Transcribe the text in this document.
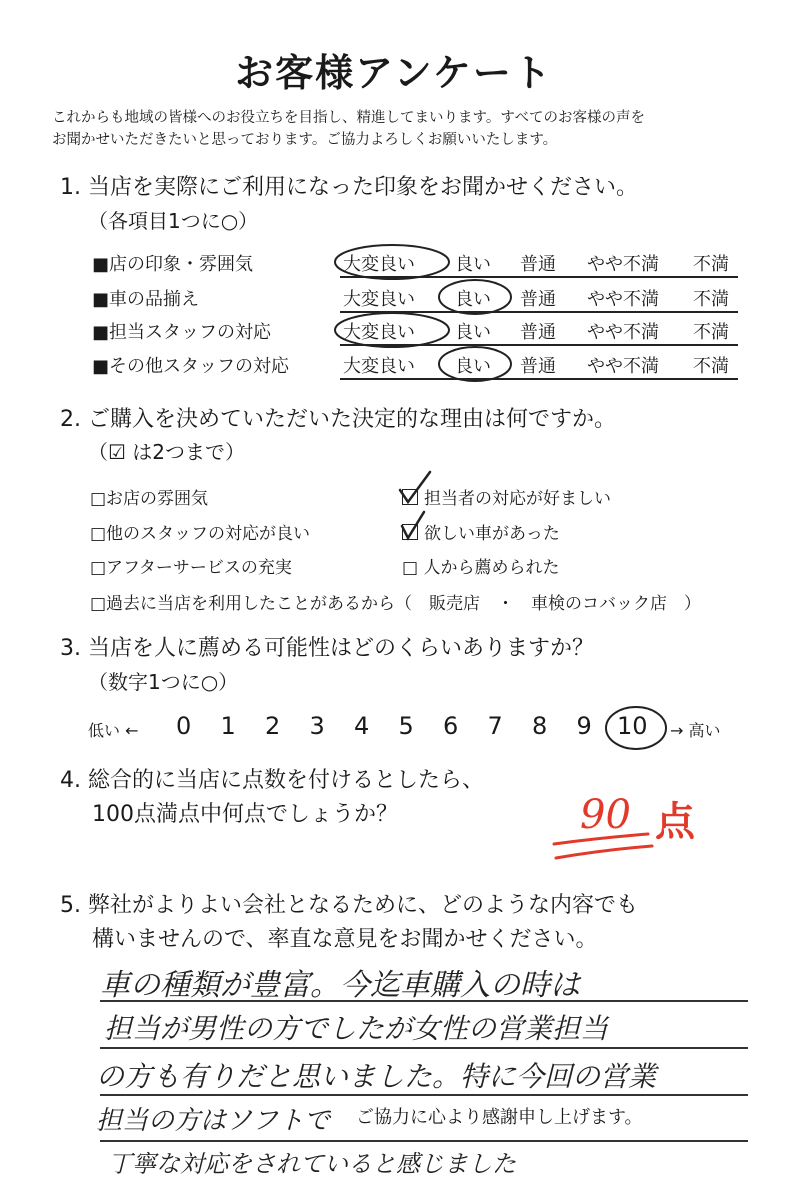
お客様アンケート
これからも地域の皆様へのお役立ちを目指し、精進してまいります。すべてのお客様の声を
お聞かせいただきたいと思っております。ご協力よろしくお願いいたします。
1. 当店を実際にご利用になった印象をお聞かせください。
（各項目1つに○）
■店の印象・雰囲気	大変良い 良い 普通 やや不満 不満
■車の品揃え	大変良い 良い 普通 やや不満 不満
■担当スタッフの対応	大変良い 良い 普通 やや不満 不満
■その他スタッフの対応	大変良い 良い 普通 やや不満 不満
2. ご購入を決めていただいた決定的な理由は何ですか。
（☑ は2つまで）
□お店の雰囲気	担当者の対応が好ましい
□他のスタッフの対応が良い	欲しい車があった
□アフターサービスの充実	□ 人から薦められた
□過去に当店を利用したことがあるから（　販売店　・　車検のコバック店　）
3. 当店を人に薦める可能性はどのくらいありますか？
（数字1つに○）
低い ← 0 1 2 3 4 5 6 7 8 9 10 → 高い
4. 総合的に当店に点数を付けるとしたら、
100点満点中何点でしょうか？	90 点
5. 弊社がよりよい会社となるために、どのような内容でも
構いませんので、率直な意見をお聞かせください。
車の種類が豊富。今迄車購入の時は
担当が男性の方でしたが女性の営業担当
の方も有りだと思いました。特に今回の営業
担当の方はソフトで ご協力に心より感謝申し上げます。
丁寧な対応をされていると感じました
